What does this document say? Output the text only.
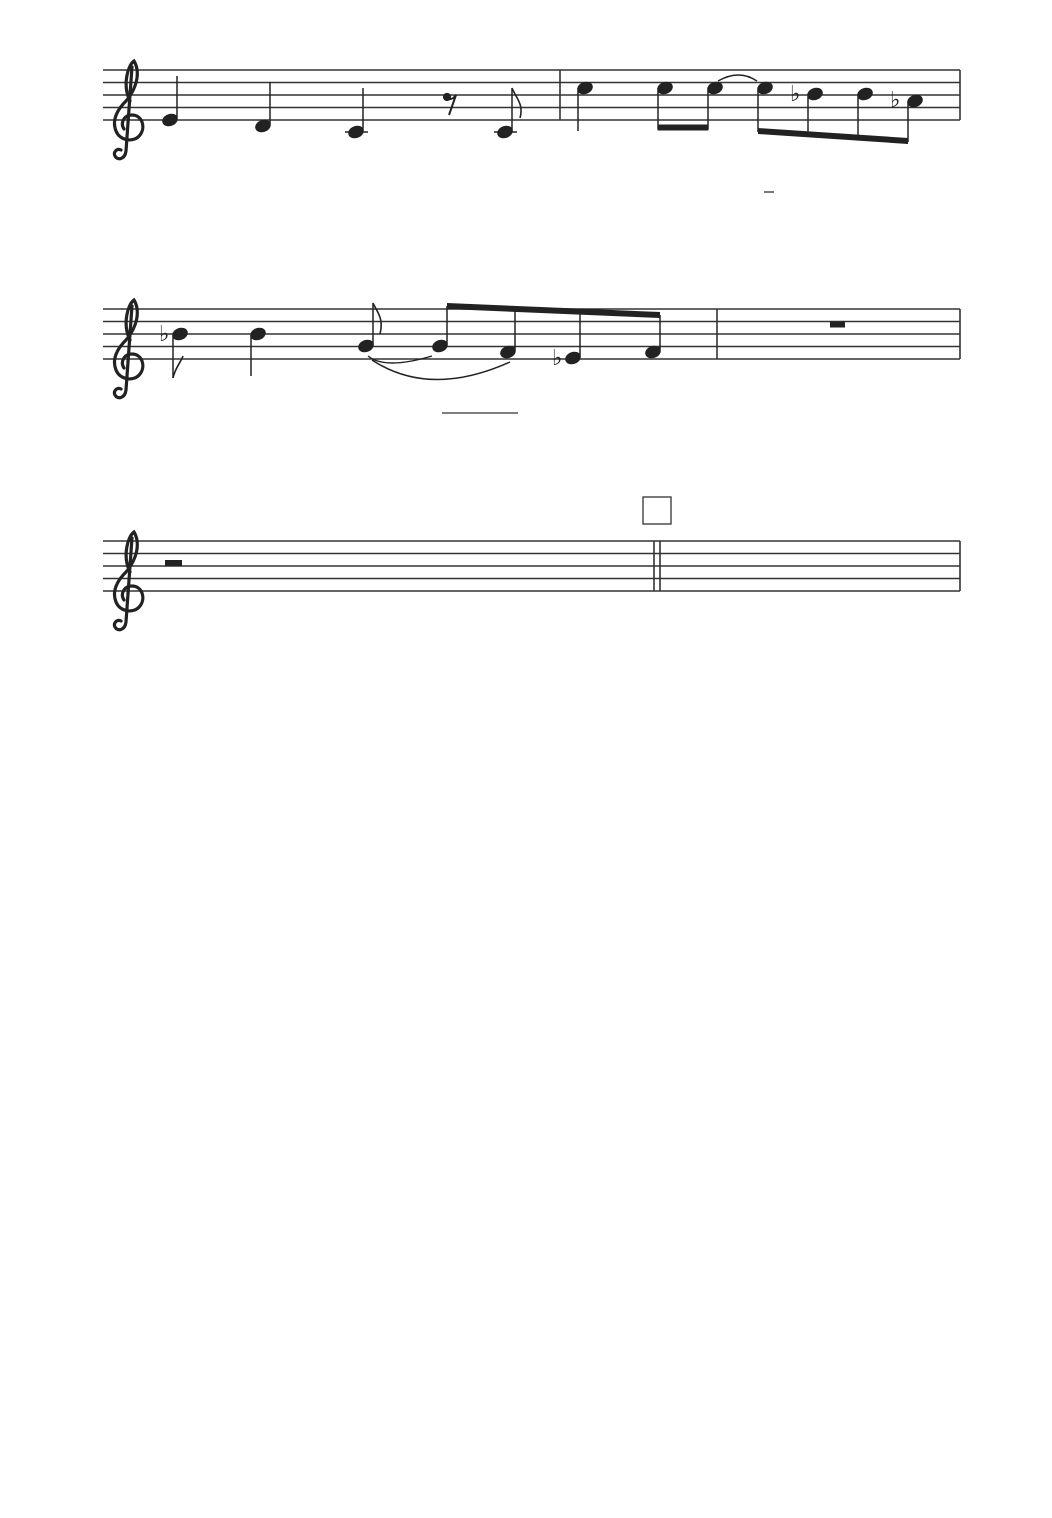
♭	♭
♭
♭
